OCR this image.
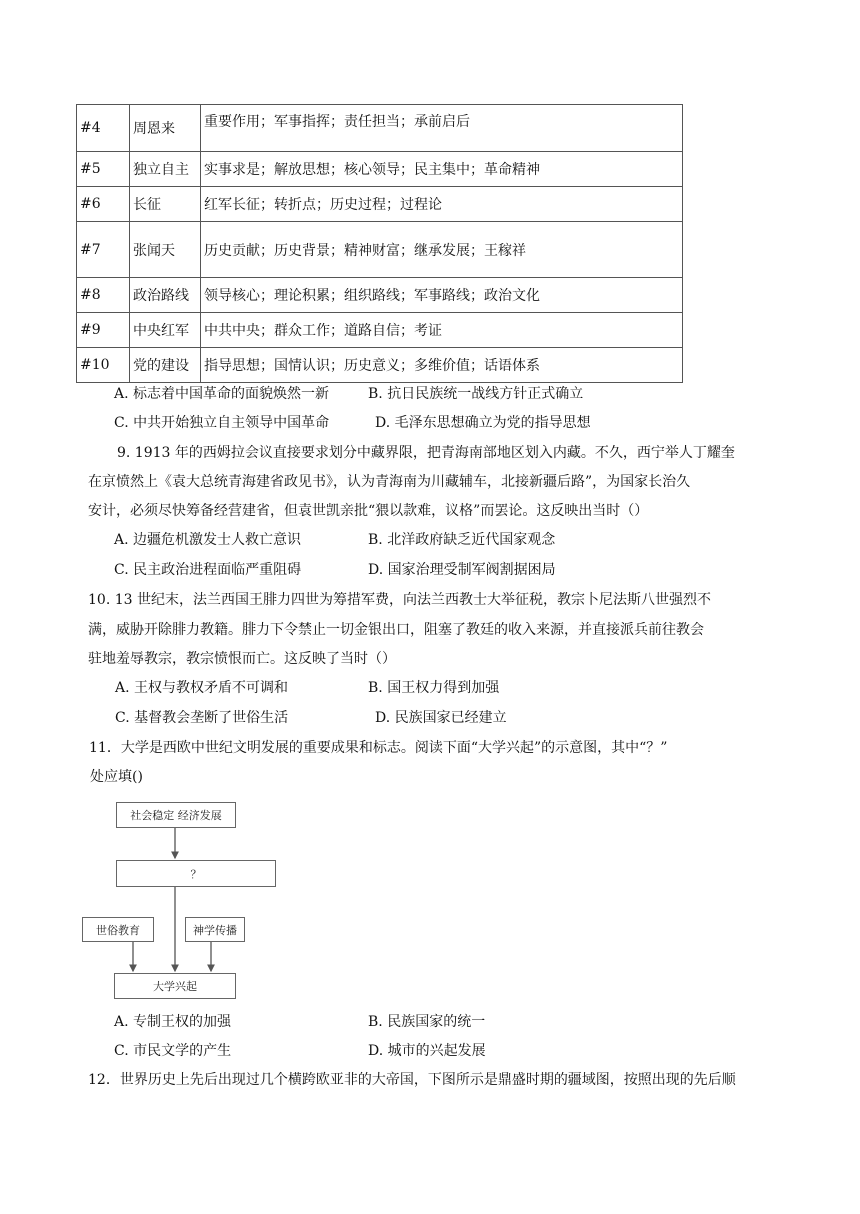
#4	周恩来	重要作用；军事指挥；责任担当；承前启后
#5	独立自主	实事求是；解放思想；核心领导；民主集中；革命精神
#6	长征	红军长征；转折点；历史过程；过程论
#7	张闻天	历史贡献；历史背景；精神财富；继承发展；王稼祥
#8	政治路线	领导核心；理论积累；组织路线；军事路线；政治文化
#9	中央红军	中共中央；群众工作；道路自信；考证
#10	党的建设	指导思想；国情认识；历史意义；多维价值；话语体系
A. 标志着中国革命的面貌焕然一新	B. 抗日民族统一战线方针正式确立
C. 中共开始独立自主领导中国革命	D. 毛泽东思想确立为党的指导思想
9. 1913 年的西姆拉会议直接要求划分中藏界限，把青海南部地区划入内藏。不久，西宁举人丁耀奎
在京愤然上《袁大总统青海建省政见书》，认为青海南为川藏辅车，北接新疆后路”，为国家长治久
安计，必须尽快筹备经营建省，但袁世凯亲批“猥以款难，议格”而罢论。这反映出当时（）
A. 边疆危机激发士人救亡意识	B. 北洋政府缺乏近代国家观念
C. 民主政治进程面临严重阻碍	D. 国家治理受制军阀割据困局
10. 13 世纪末，法兰西国王腓力四世为筹措军费，向法兰西教士大举征税，教宗卜尼法斯八世强烈不
满，威胁开除腓力教籍。腓力下令禁止一切金银出口，阻塞了教廷的收入来源，并直接派兵前往教会
驻地羞辱教宗，教宗愤恨而亡。这反映了当时（）
A. 王权与教权矛盾不可调和	B. 国王权力得到加强
C. 基督教会垄断了世俗生活	D. 民族国家已经建立
11．大学是西欧中世纪文明发展的重要成果和标志。阅读下面“大学兴起”的示意图，其中“？”
处应填()
社会稳定 经济发展
？
世俗教育	神学传播
大学兴起
A. 专制王权的加强	B. 民族国家的统一
C. 市民文学的产生	D. 城市的兴起发展
12．世界历史上先后出现过几个横跨欧亚非的大帝国，下图所示是鼎盛时期的疆域图，按照出现的先后顺
